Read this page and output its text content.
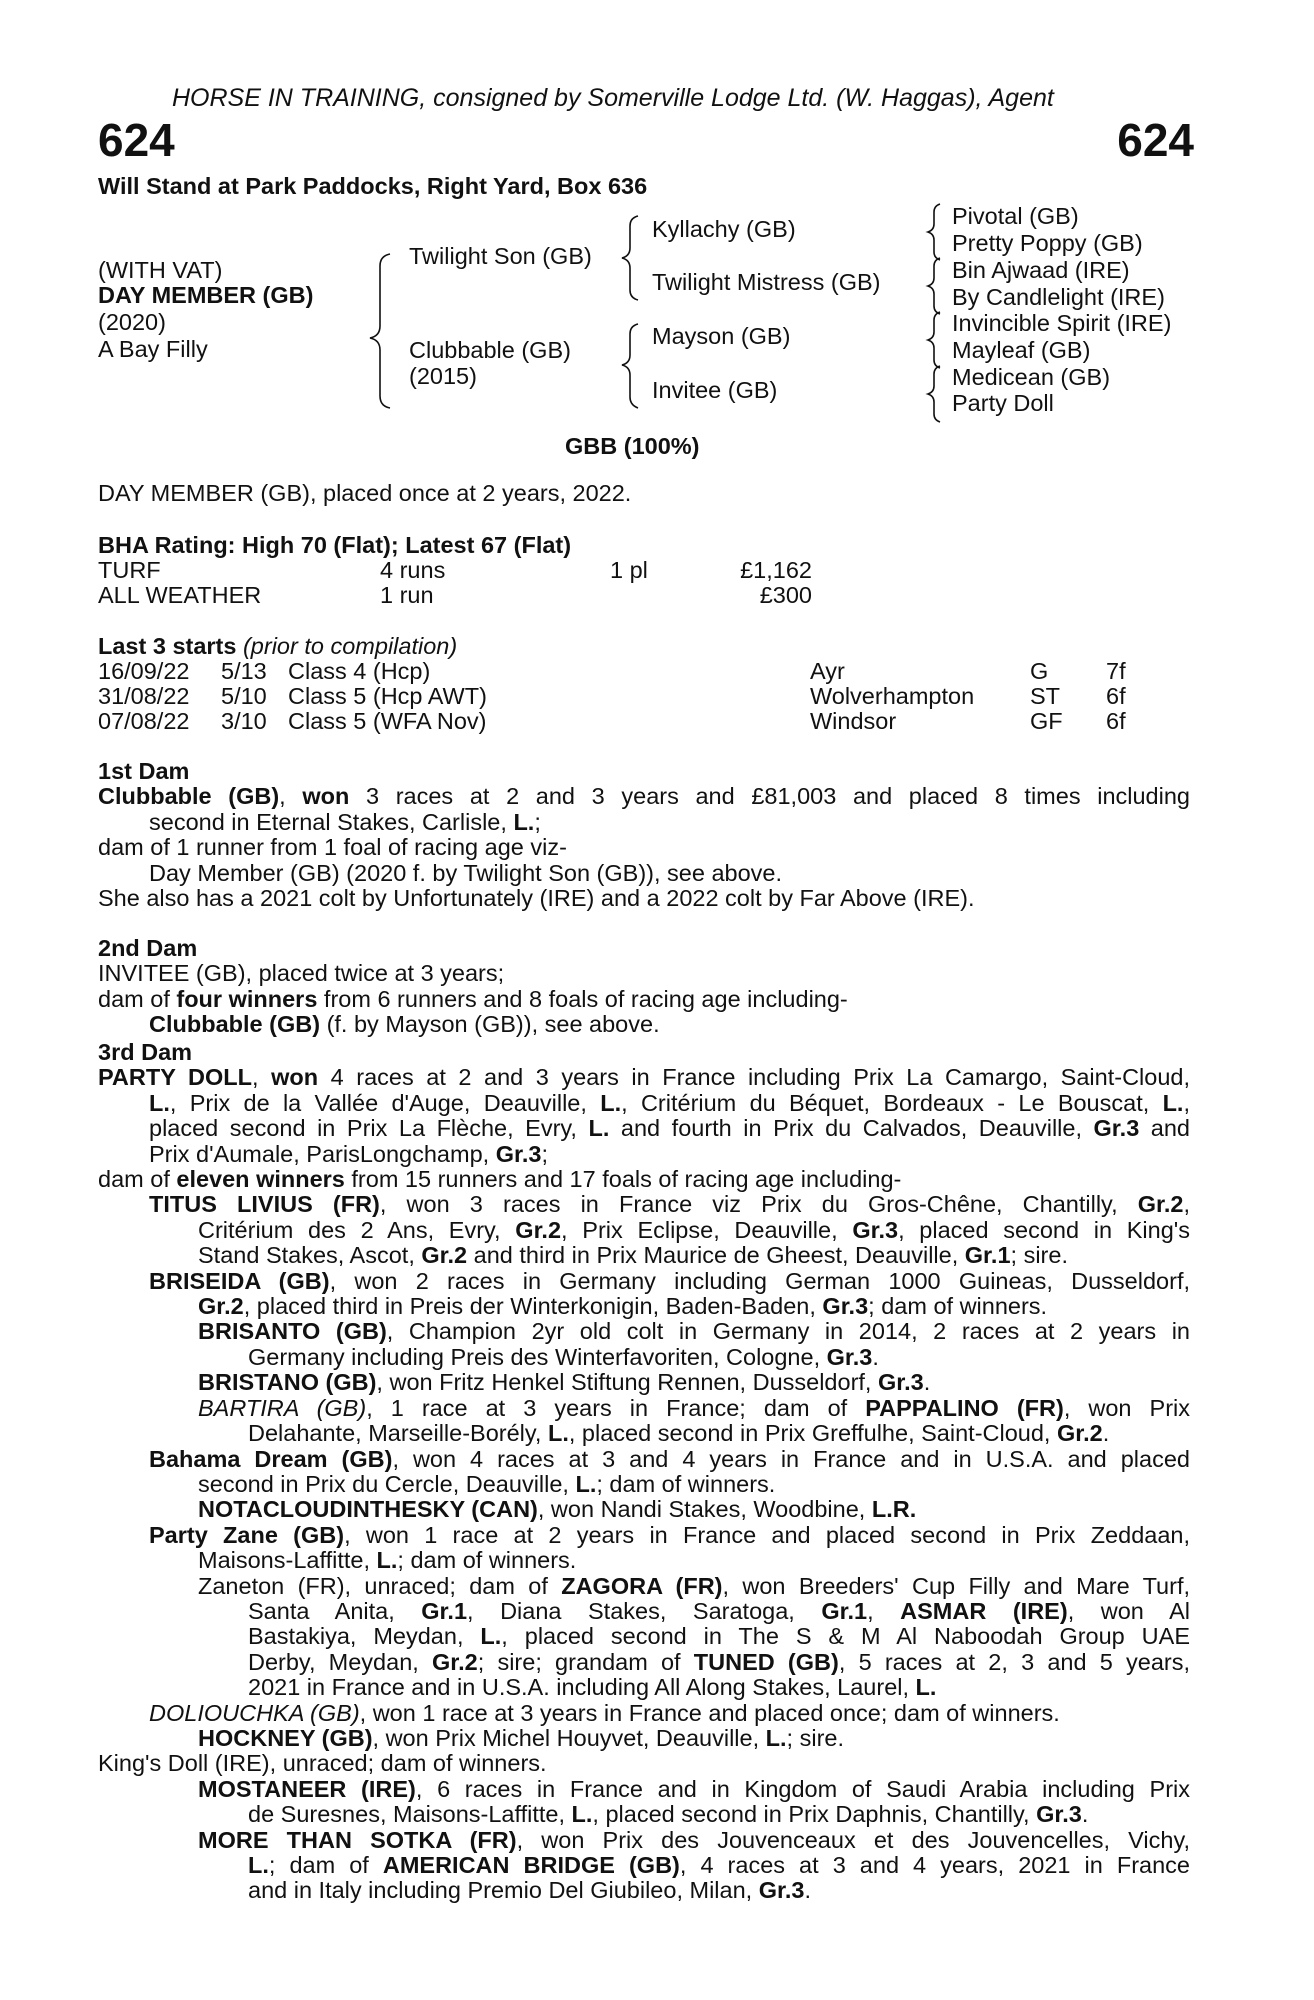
HORSE IN TRAINING, consigned by Somerville Lodge Ltd. (W. Haggas), Agent
624	624
Will Stand at Park Paddocks, Right Yard, Box 636
(WITH VAT)
DAY MEMBER (GB)
(2020)
A Bay Filly
Twilight Son (GB)
Clubbable (GB)
(2015)
Kyllachy (GB)
Twilight Mistress (GB)
Mayson (GB)
Invitee (GB)
Pivotal (GB)
Pretty Poppy (GB)
Bin Ajwaad (IRE)
By Candlelight (IRE)
Invincible Spirit (IRE)
Mayleaf (GB)
Medicean (GB)
Party Doll
GBB (100%)
DAY MEMBER (GB), placed once at 2 years, 2022.
BHA Rating: High 70 (Flat); Latest 67 (Flat)
TURF	4 runs	1 pl	£1,162
ALL WEATHER	1 run	£300
Last 3 starts (prior to compilation)
16/09/22 5/13 Class 4 (Hcp)	Ayr	G 7f
31/08/22 5/10 Class 5 (Hcp AWT)	Wolverhampton ST 6f
07/08/22 3/10 Class 5 (WFA Nov)	Windsor	GF 6f
1st Dam
Clubbable (GB), won 3 races at 2 and 3 years and £81,003 and placed 8 times including
second in Eternal Stakes, Carlisle, L.;
dam of 1 runner from 1 foal of racing age viz-
Day Member (GB) (2020 f. by Twilight Son (GB)), see above.
She also has a 2021 colt by Unfortunately (IRE) and a 2022 colt by Far Above (IRE).
2nd Dam
INVITEE (GB), placed twice at 3 years;
dam of four winners from 6 runners and 8 foals of racing age including-
Clubbable (GB) (f. by Mayson (GB)), see above.
3rd Dam
PARTY DOLL, won 4 races at 2 and 3 years in France including Prix La Camargo, Saint-Cloud,
L., Prix de la Vallée d'Auge, Deauville, L., Critérium du Béquet, Bordeaux - Le Bouscat, L.,
placed second in Prix La Flèche, Evry, L. and fourth in Prix du Calvados, Deauville, Gr.3 and
Prix d'Aumale, ParisLongchamp, Gr.3;
dam of eleven winners from 15 runners and 17 foals of racing age including-
TITUS LIVIUS (FR), won 3 races in France viz Prix du Gros-Chêne, Chantilly, Gr.2,
Critérium des 2 Ans, Evry, Gr.2, Prix Eclipse, Deauville, Gr.3, placed second in King's
Stand Stakes, Ascot, Gr.2 and third in Prix Maurice de Gheest, Deauville, Gr.1; sire.
BRISEIDA (GB), won 2 races in Germany including German 1000 Guineas, Dusseldorf,
Gr.2, placed third in Preis der Winterkonigin, Baden-Baden, Gr.3; dam of winners.
BRISANTO (GB), Champion 2yr old colt in Germany in 2014, 2 races at 2 years in
Germany including Preis des Winterfavoriten, Cologne, Gr.3.
BRISTANO (GB), won Fritz Henkel Stiftung Rennen, Dusseldorf, Gr.3.
BARTIRA (GB), 1 race at 3 years in France; dam of PAPPALINO (FR), won Prix
Delahante, Marseille-Borély, L., placed second in Prix Greffulhe, Saint-Cloud, Gr.2.
Bahama Dream (GB), won 4 races at 3 and 4 years in France and in U.S.A. and placed
second in Prix du Cercle, Deauville, L.; dam of winners.
NOTACLOUDINTHESKY (CAN), won Nandi Stakes, Woodbine, L.R.
Party Zane (GB), won 1 race at 2 years in France and placed second in Prix Zeddaan,
Maisons-Laffitte, L.; dam of winners.
Zaneton (FR), unraced; dam of ZAGORA (FR), won Breeders' Cup Filly and Mare Turf,
Santa Anita, Gr.1, Diana Stakes, Saratoga, Gr.1, ASMAR (IRE), won Al
Bastakiya, Meydan, L., placed second in The S & M Al Naboodah Group UAE
Derby, Meydan, Gr.2; sire; grandam of TUNED (GB), 5 races at 2, 3 and 5 years,
2021 in France and in U.S.A. including All Along Stakes, Laurel, L.
DOLIOUCHKA (GB), won 1 race at 3 years in France and placed once; dam of winners.
HOCKNEY (GB), won Prix Michel Houyvet, Deauville, L.; sire.
King's Doll (IRE), unraced; dam of winners.
MOSTANEER (IRE), 6 races in France and in Kingdom of Saudi Arabia including Prix
de Suresnes, Maisons-Laffitte, L., placed second in Prix Daphnis, Chantilly, Gr.3.
MORE THAN SOTKA (FR), won Prix des Jouvenceaux et des Jouvencelles, Vichy,
L.; dam of AMERICAN BRIDGE (GB), 4 races at 3 and 4 years, 2021 in France
and in Italy including Premio Del Giubileo, Milan, Gr.3.
